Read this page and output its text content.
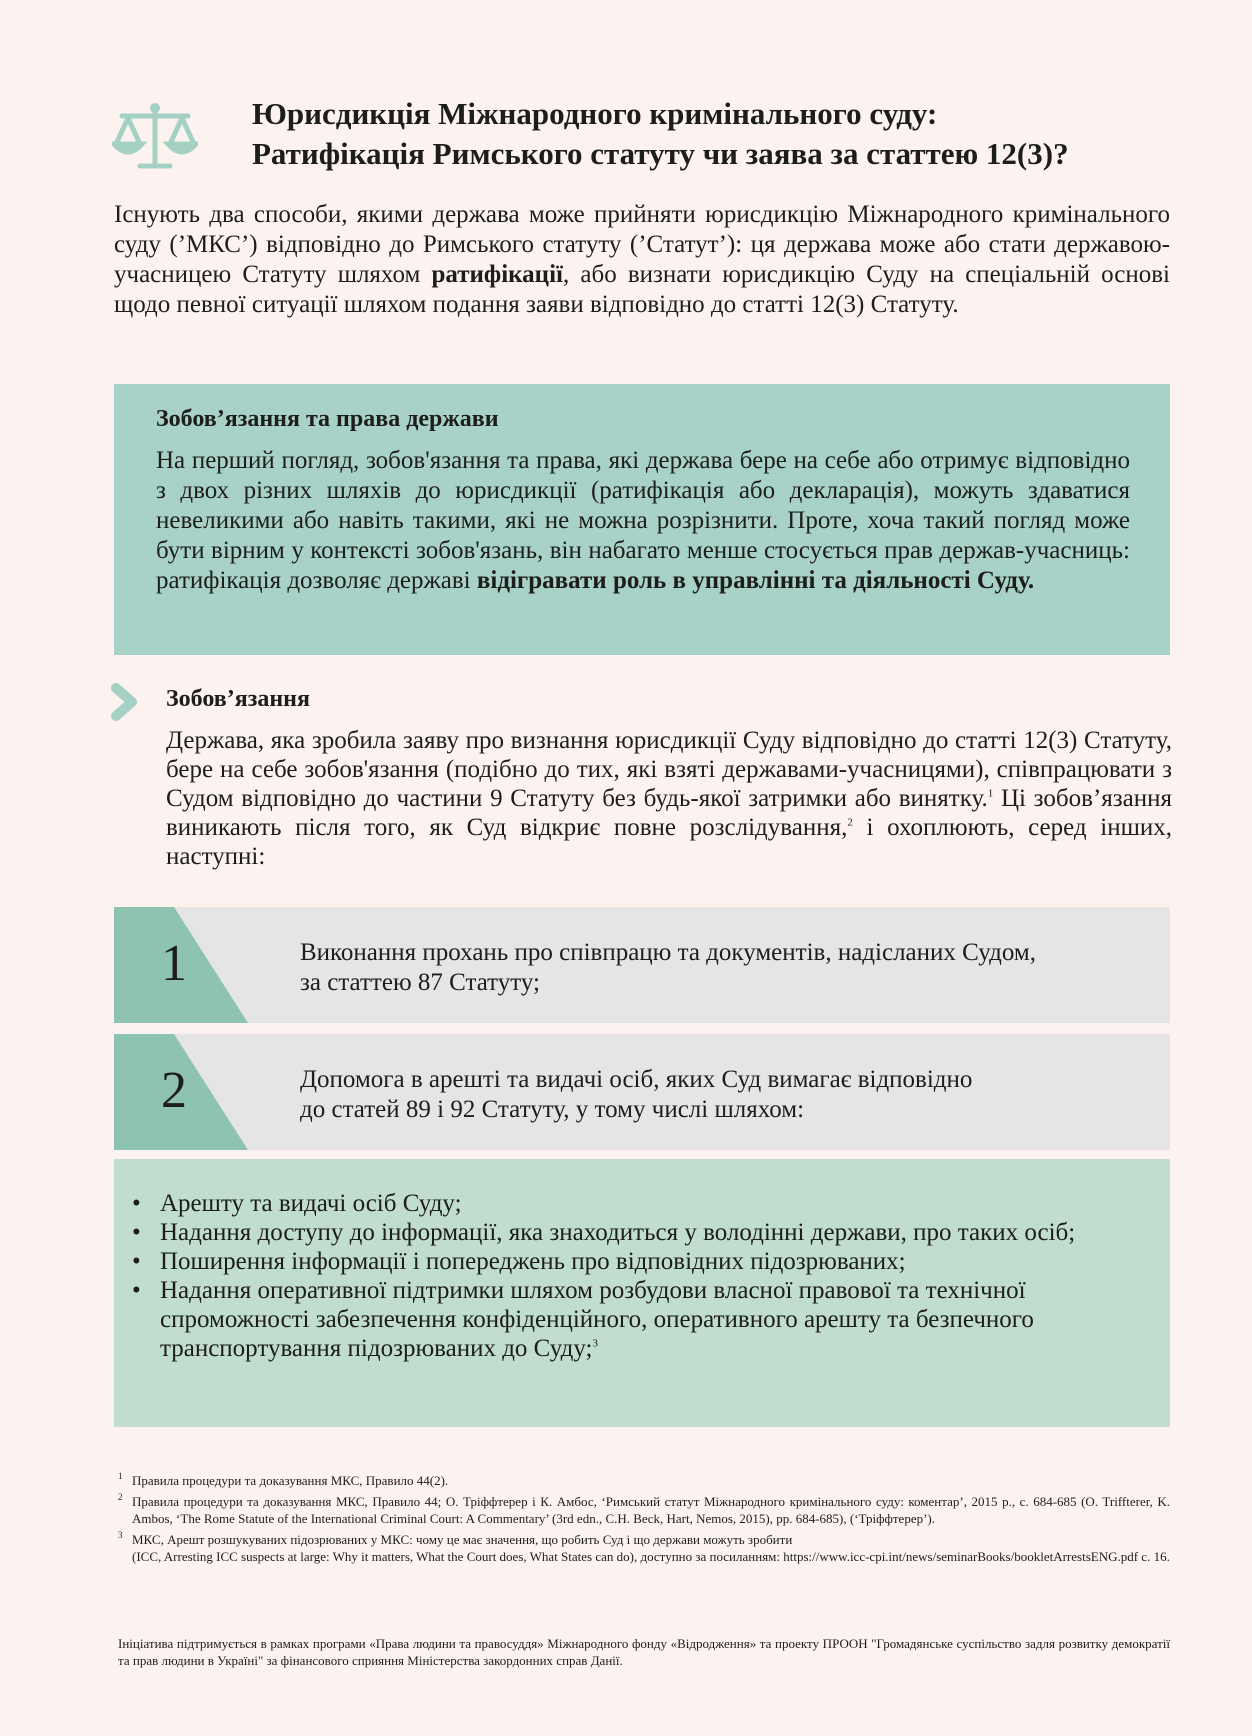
Юрисдикція Міжнародного кримінального суду:
Ратифікація Римського статуту чи заява за статтею 12(3)?

Існують два способи, якими держава може прийняти юрисдикцію Міжнародного кримінального суду (’МКС’) відповідно до Римського статуту (’Статут’): ця держава може або стати державою-учасницею Статуту шляхом ратифікації, або визнати юрисдикцію Суду на спеціальній основі щодо певної ситуації шляхом подання заяви відповідно до статті 12(3) Статуту.

Зобов’язання та права держави

На перший погляд, зобов'язання та права, які держава бере на себе або отримує відповідно з двох різних шляхів до юрисдикції (ратифікація або декларація), можуть здаватися невеликими або навіть такими, які не можна розрізнити. Проте, хоча такий погляд може бути вірним у контексті зобов'язань, він набагато менше стосується прав держав-учасниць: ратифікація дозволяє державі відігравати роль в управлінні та діяльності Суду.

Зобов’язання

Держава, яка зробила заяву про визнання юрисдикції Суду відповідно до статті 12(3) Статуту, бере на себе зобов'язання (подібно до тих, які взяті державами-учасницями), співпрацювати з Судом відповідно до частини 9 Статуту без будь-якої затримки або винятку.$^1$ Ці зобов’язання виникають після того, як Суд відкриє повне розслідування,$^2$ і охоплюють, серед інших, наступні:

1	Виконання прохань про співпрацю та документів, надісланих Судом,
за статтею 87 Статуту;

2	Допомога в арешті та видачі осіб, яких Суд вимагає відповідно
до статей 89 і 92 Статуту, у тому числі шляхом:

• Арешту та видачі осіб Суду;
• Надання доступу до інформації, яка знаходиться у володінні держави, про таких осіб;
• Поширення інформації і попереджень про відповідних підозрюваних;
• Надання оперативної підтримки шляхом розбудови власної правової та технічної спроможності забезпечення конфіденційного, оперативного арешту та безпечного транспортування підозрюваних до Суду;$^3$
1 Правила процедури та доказування МКС, Правило 44(2).
2 Правила процедури та доказування МКС, Правило 44; О. Тріффтерер і К. Амбос, ‘Римський статут Міжнародного кримінального суду: коментар’, 2015 р., с. 684-685 (O. Triffterer, K. Ambos, ‘The Rome Statute of the International Criminal Court: A Commentary’ (3rd edn., C.H. Beck, Hart, Nemos, 2015), pp. 684-685), (‘Тріффтерер’).
3 МКС, Арешт розшукуваних підозрюваних у МКС: чому це має значення, що робить Суд і що держави можуть зробити
(ICC, Arresting ICC suspects at large: Why it matters, What the Court does, What States can do), доступно за посиланням: https://www.icc-cpi.int/news/seminarBooks/bookletArrestsENG.pdf с. 16.

Ініціатива підтримується в рамках програми «Права людини та правосуддя» Міжнародного фонду «Відродження» та проекту ПРООН "Громадянське суспільство задля розвитку демократії та прав людини в Україні" за фінансового сприяння Міністерства закордонних справ Данії.
